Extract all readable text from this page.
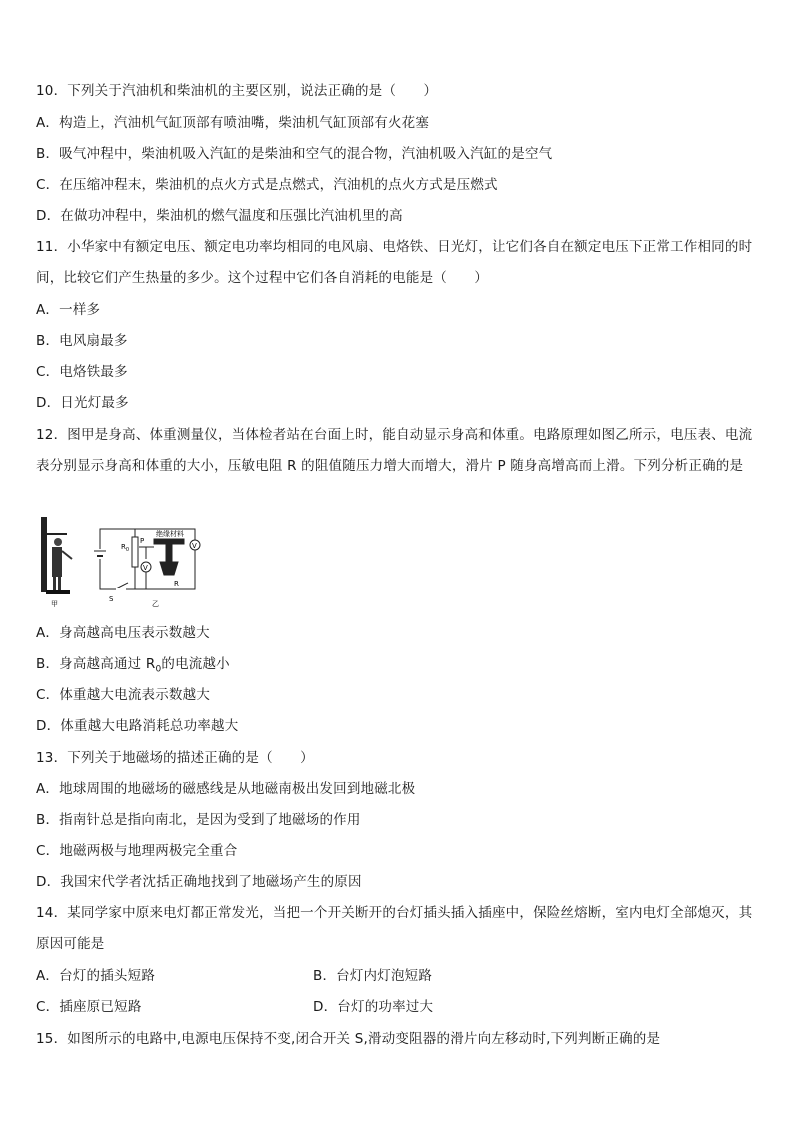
10．下列关于汽油机和柴油机的主要区别，说法正确的是（　　）
A．构造上，汽油机气缸顶部有喷油嘴，柴油机气缸顶部有火花塞
B．吸气冲程中，柴油机吸入汽缸的是柴油和空气的混合物，汽油机吸入汽缸的是空气
C．在压缩冲程末，柴油机的点火方式是点燃式，汽油机的点火方式是压燃式
D．在做功冲程中，柴油机的燃气温度和压强比汽油机里的高
11．小华家中有额定电压、额定电功率均相同的电风扇、电烙铁、日光灯，让它们各自在额定电压下正常工作相同的时间，比较它们产生热量的多少。这个过程中它们各自消耗的电能是（　　）
A．一样多
B．电风扇最多
C．电烙铁最多
D．日光灯最多
12．图甲是身高、体重测量仪，当体检者站在台面上时，能自动显示身高和体重。电路原理如图乙所示，电压表、电流表分别显示身高和体重的大小，压敏电阻 R 的阻值随压力增大而增大，滑片 P 随身高增高而上滑。下列分析正确的是
甲
$R_0$
P
绝缘材料
V
V
S
R
乙
A．身高越高电压表示数越大
B．身高越高通过 $R_0$的电流越小
C．体重越大电流表示数越大
D．体重越大电路消耗总功率越大
13．下列关于地磁场的描述正确的是（　　）
A．地球周围的地磁场的磁感线是从地磁南极出发回到地磁北极
B．指南针总是指向南北，是因为受到了地磁场的作用
C．地磁两极与地理两极完全重合
D．我国宋代学者沈括正确地找到了地磁场产生的原因
14．某同学家中原来电灯都正常发光，当把一个开关断开的台灯插头插入插座中，保险丝熔断，室内电灯全部熄灭，其原因可能是
A．台灯的插头短路	B．台灯内灯泡短路
C．插座原已短路	D．台灯的功率过大
15．如图所示的电路中,电源电压保持不变,闭合开关 S,滑动变阻器的滑片向左移动时,下列判断正确的是
